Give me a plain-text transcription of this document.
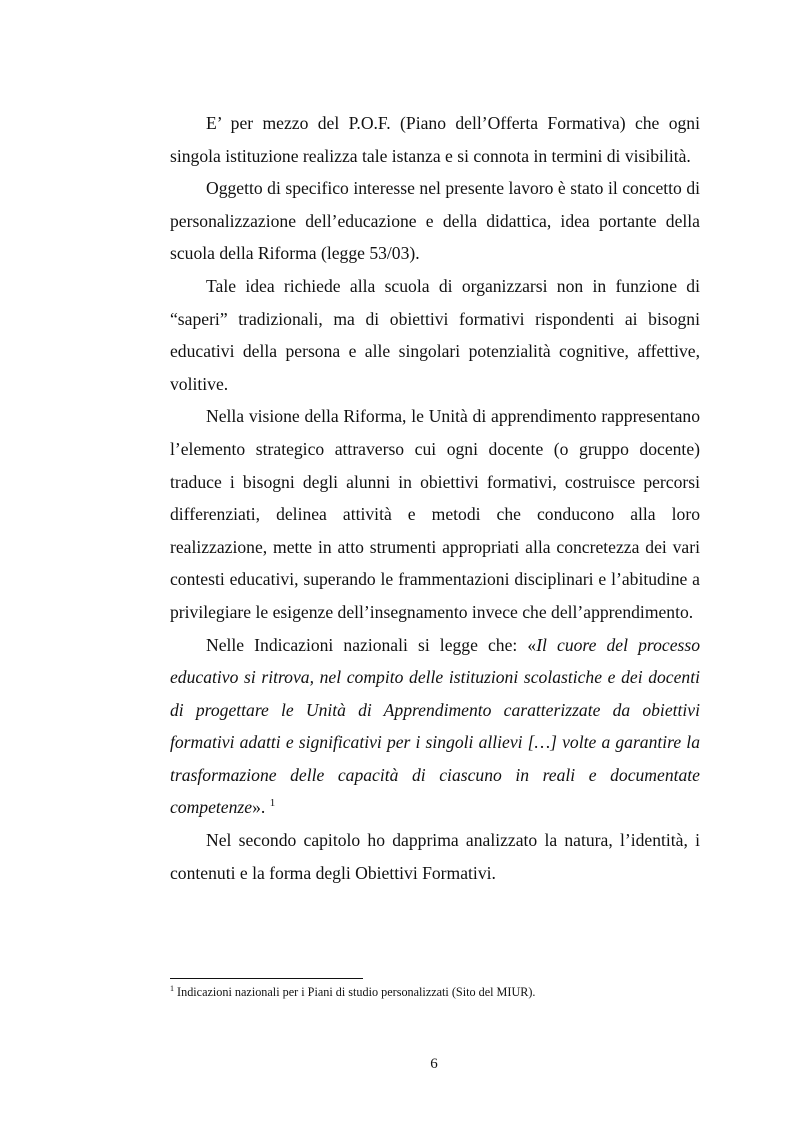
E’ per mezzo del P.O.F. (Piano dell’Offerta Formativa) che ogni singola istituzione realizza tale istanza e si connota in termini di visibilità.

Oggetto di specifico interesse nel presente lavoro è stato il concetto di personalizzazione dell’educazione e della didattica, idea portante della scuola della Riforma (legge 53/03).

Tale idea richiede alla scuola di organizzarsi non in funzione di “saperi” tradizionali, ma di obiettivi formativi rispondenti ai bisogni educativi della persona e alle singolari potenzialità cognitive, affettive, volitive.

Nella visione della Riforma, le Unità di apprendimento rappresentano l’elemento strategico attraverso cui ogni docente (o gruppo docente) traduce i bisogni degli alunni in obiettivi formativi, costruisce percorsi differenziati, delinea attività e metodi che conducono alla loro realizzazione, mette in atto strumenti appropriati alla concretezza dei vari contesti educativi, superando le frammentazioni disciplinari e l’abitudine a privilegiare le esigenze dell’insegnamento invece che dell’apprendimento.

Nelle Indicazioni nazionali si legge che: «Il cuore del processo educativo si ritrova, nel compito delle istituzioni scolastiche e dei docenti di progettare le Unità di Apprendimento caratterizzate da obiettivi formativi adatti e significativi per i singoli allievi […] volte a garantire la trasformazione delle capacità di ciascuno in reali e documentate competenze». $^1$

Nel secondo capitolo ho dapprima analizzato la natura, l’identità, i contenuti e la forma degli Obiettivi Formativi.

$^1$ Indicazioni nazionali per i Piani di studio personalizzati (Sito del MIUR).
6
